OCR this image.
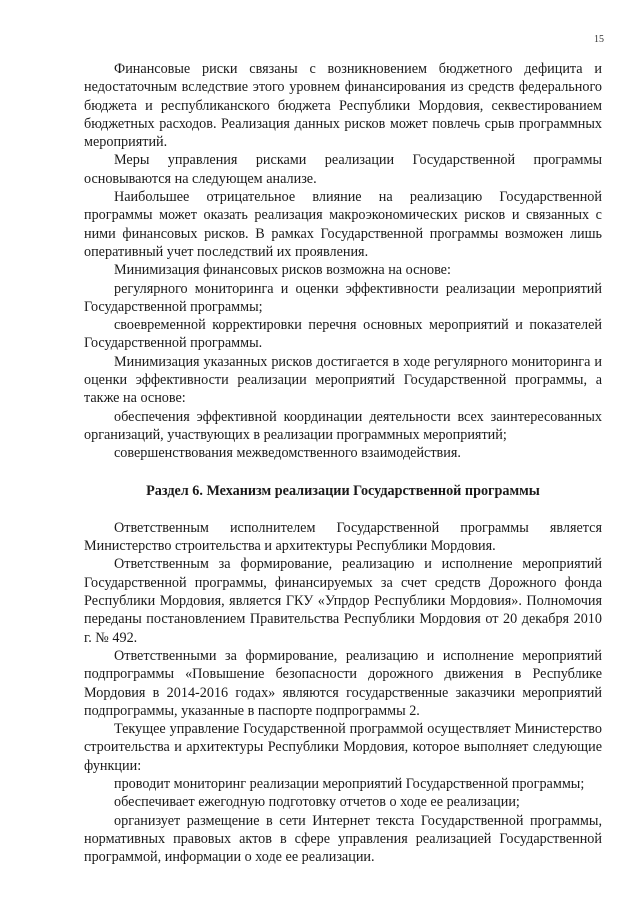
15

Финансовые риски связаны с возникновением бюджетного дефицита и недостаточным вследствие этого уровнем финансирования из средств федерального бюджета и республиканского бюджета Республики Мордовия, секвестированием бюджетных расходов. Реализация данных рисков может повлечь срыв программных мероприятий.

Меры управления рисками реализации Государственной программы основываются на следующем анализе.

Наибольшее отрицательное влияние на реализацию Государственной программы может оказать реализация макроэкономических рисков и связанных с ними финансовых рисков. В рамках Государственной программы возможен лишь оперативный учет последствий их проявления.

Минимизация финансовых рисков возможна на основе:

регулярного мониторинга и оценки эффективности реализации мероприятий Государственной программы;

своевременной корректировки перечня основных мероприятий и показателей Государственной программы.

Минимизация указанных рисков достигается в ходе регулярного мониторинга и оценки эффективности реализации мероприятий Государственной программы, а также на основе:

обеспечения эффективной координации деятельности всех заинтересованных организаций, участвующих в реализации программных мероприятий;

совершенствования межведомственного взаимодействия.

Раздел 6. Механизм реализации Государственной программы

Ответственным исполнителем Государственной программы является Министерство строительства и архитектуры Республики Мордовия.

Ответственным за формирование, реализацию и исполнение мероприятий Государственной программы, финансируемых за счет средств Дорожного фонда Республики Мордовия, является ГКУ «Упрдор Республики Мордовия». Полномочия переданы постановлением Правительства Республики Мордовия от 20 декабря 2010 г. № 492.

Ответственными за формирование, реализацию и исполнение мероприятий подпрограммы «Повышение безопасности дорожного движения в Республике Мордовия в 2014-2016 годах» являются государственные заказчики мероприятий подпрограммы, указанные в паспорте подпрограммы 2.

Текущее управление Государственной программой осуществляет Министерство строительства и архитектуры Республики Мордовия, которое выполняет следующие функции:

проводит мониторинг реализации мероприятий Государственной программы;

обеспечивает ежегодную подготовку отчетов о ходе ее реализации;

организует размещение в сети Интернет текста Государственной программы, нормативных правовых актов в сфере управления реализацией Государственной программой, информации о ходе ее реализации.
